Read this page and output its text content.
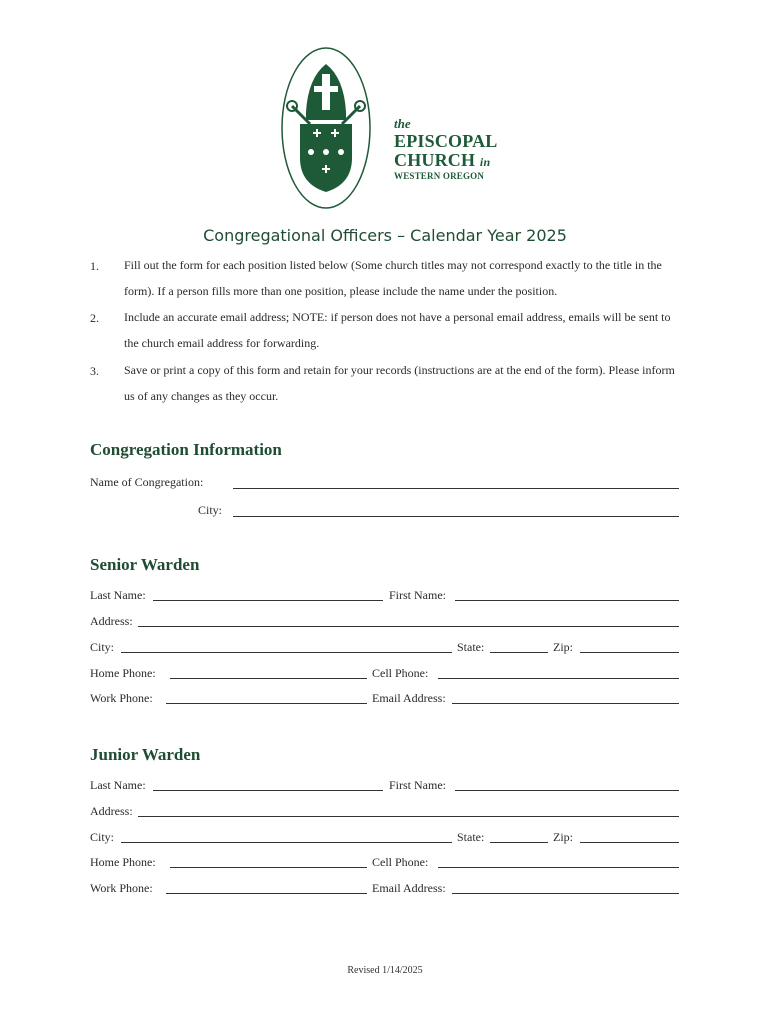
the
EPISCOPAL
CHURCH in
WESTERN OREGON
Congregational Officers – Calendar Year 2025
1. Fill out the form for each position listed below (Some church titles may not correspond exactly to the title in the form). If a person fills more than one position, please include the name under the position.
2. Include an accurate email address; NOTE: if person does not have a personal email address, emails will be sent to the church email address for forwarding.
3. Save or print a copy of this form and retain for your records (instructions are at the end of the form). Please inform us of any changes as they occur.
Congregation Information
Name of Congregation:
City:
Senior Warden
Last Name:	First Name:
Address:
City:	State:	Zip:
Home Phone:	Cell Phone:
Work Phone:	Email Address:
Junior Warden
Last Name:	First Name:
Address:
City:	State:	Zip:
Home Phone:	Cell Phone:
Work Phone:	Email Address:
Revised 1/14/2025
